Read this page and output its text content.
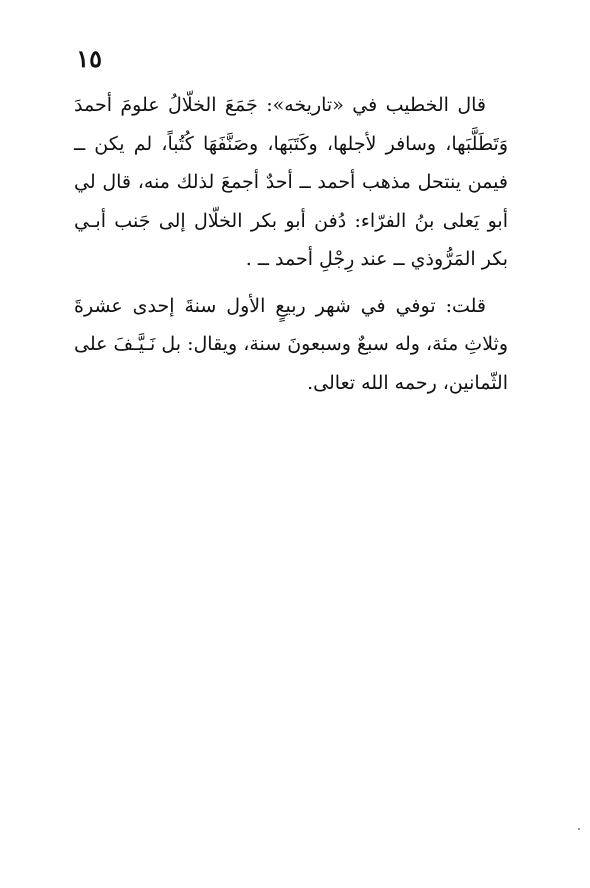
١٥

قال الخطيب في «تاريخه»: جَمَعَ الخلّالُ علومَ أحمدَ وَتَطَلَّبَها، وسافر لأجلها، وكَتَبَها، وصَنَّفَهَا كُتُباً، لم يكن ــ فيمن ينتحل مذهب أحمد ــ أحدٌ أجمعَ لذلك منه، قال لي أبو يَعلى بنُ الفرّاء: دُفن أبو بكر الخلّال إلى جَنب أبـي بكر المَرُّوذي ــ عند رِجْلِ أحمد ــ .

قلت: توفي في شهر ربيعٍ الأول سنةَ إحدى عشرةَ وثلاثِ مئة، وله سبعٌ وسبعونَ سنة، ويقال: بل نَـيَّـفَ على الثّمانين، رحمه الله تعالى.
